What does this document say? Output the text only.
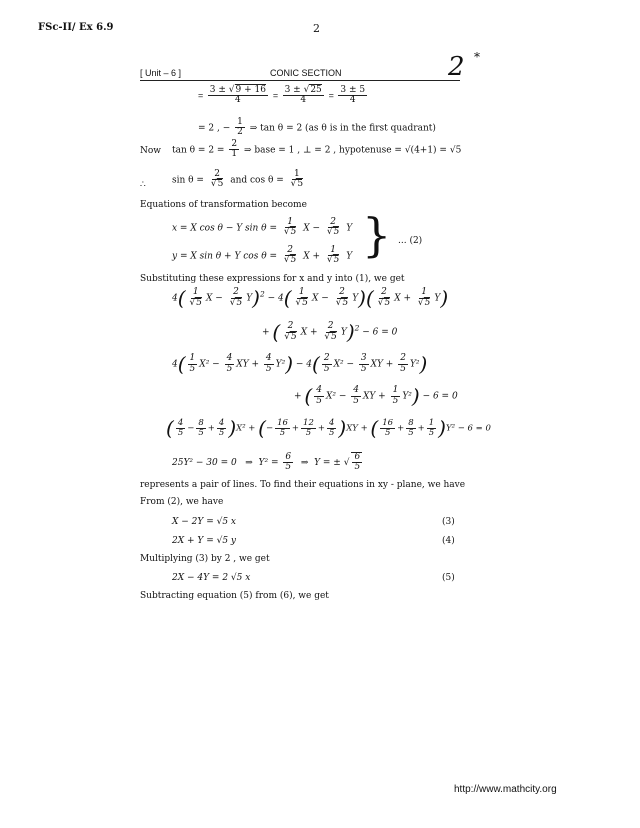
FSc-II/ Ex 6.9	2
[ Unit – 6 ]	CONIC SECTION	2 *
= $\frac{3 \pm √9 + 16}{4} = \frac{3 \pm √25}{4} = \frac{3 \pm 5}{4}$
= 2 , − $\frac{1}{2}$ ⇒ tan θ = 2 (as θ is in the first quadrant)
Now $\tan \theta = 2 = \frac{2}{1}$ ⇒ base = 1 , ⊥ = 2 , hypotenuse = √(4+1) = √5
∴	$\sin \theta = \frac{2}{√5}$ and $\cos \theta = \frac{1}{√5}$
Equations of transformation become
x = X cos θ − Y $\sin \theta = \frac{1}{√5}$ $X - \frac{2}{√5}$ Y
y = X sin θ + Y $\cos \theta = \frac{2}{√5}$ $X + \frac{1}{√5}$ Y } ... (2)
Substituting these expressions for x and y into (1), we get
$4( \frac{1}{√5}$ $X - \frac{2}{√5} Y)^2 - 4( \frac{1}{√5}$ $X - \frac{2}{√5} Y)( \frac{2}{√5}$ $X + \frac{1}{√5} Y$)
+ ( $\frac{2}{√5}$ $X + \frac{2}{√5} Y)^2 - 6 = 0$
$4( \frac{1}{5} X^2 - \frac{4}{5}$ XY + $\frac{4}{5} Y^2) - 4( \frac{2}{5} X^2 - \frac{3}{5}$ XY + $\frac{2}{5} Y^2$)
+ ( $\frac{4}{5} X^2 - \frac{4}{5}$ XY + $\frac{1}{5} Y^2) - 6 = 0$
( $\frac{4}{5} - \frac{8}{5} + \frac{4}{5} )X^2$ + (− $\frac{16}{5} + \frac{12}{5} + \frac{4}{5} )XY$ + ( $\frac{16}{5} + \frac{8}{5} + \frac{1}{5} )Y^2 - 6 = 0$
25Y² − 30 = 0   ⇒  $Y^2 = \frac{6}{5}$ ⇒  Y = ± √ $\frac{6}{5}$
represents a pair of lines. To find their equations in xy - plane, we have
From (2), we have
X − 2Y = √5 x	(3)
2X + Y = √5 y	(4)
Multiplying (3) by 2 , we get
2X − 4Y = 2 √5 x	(5)
Subtracting equation (5) from (6), we get
http://www.mathcity.org
